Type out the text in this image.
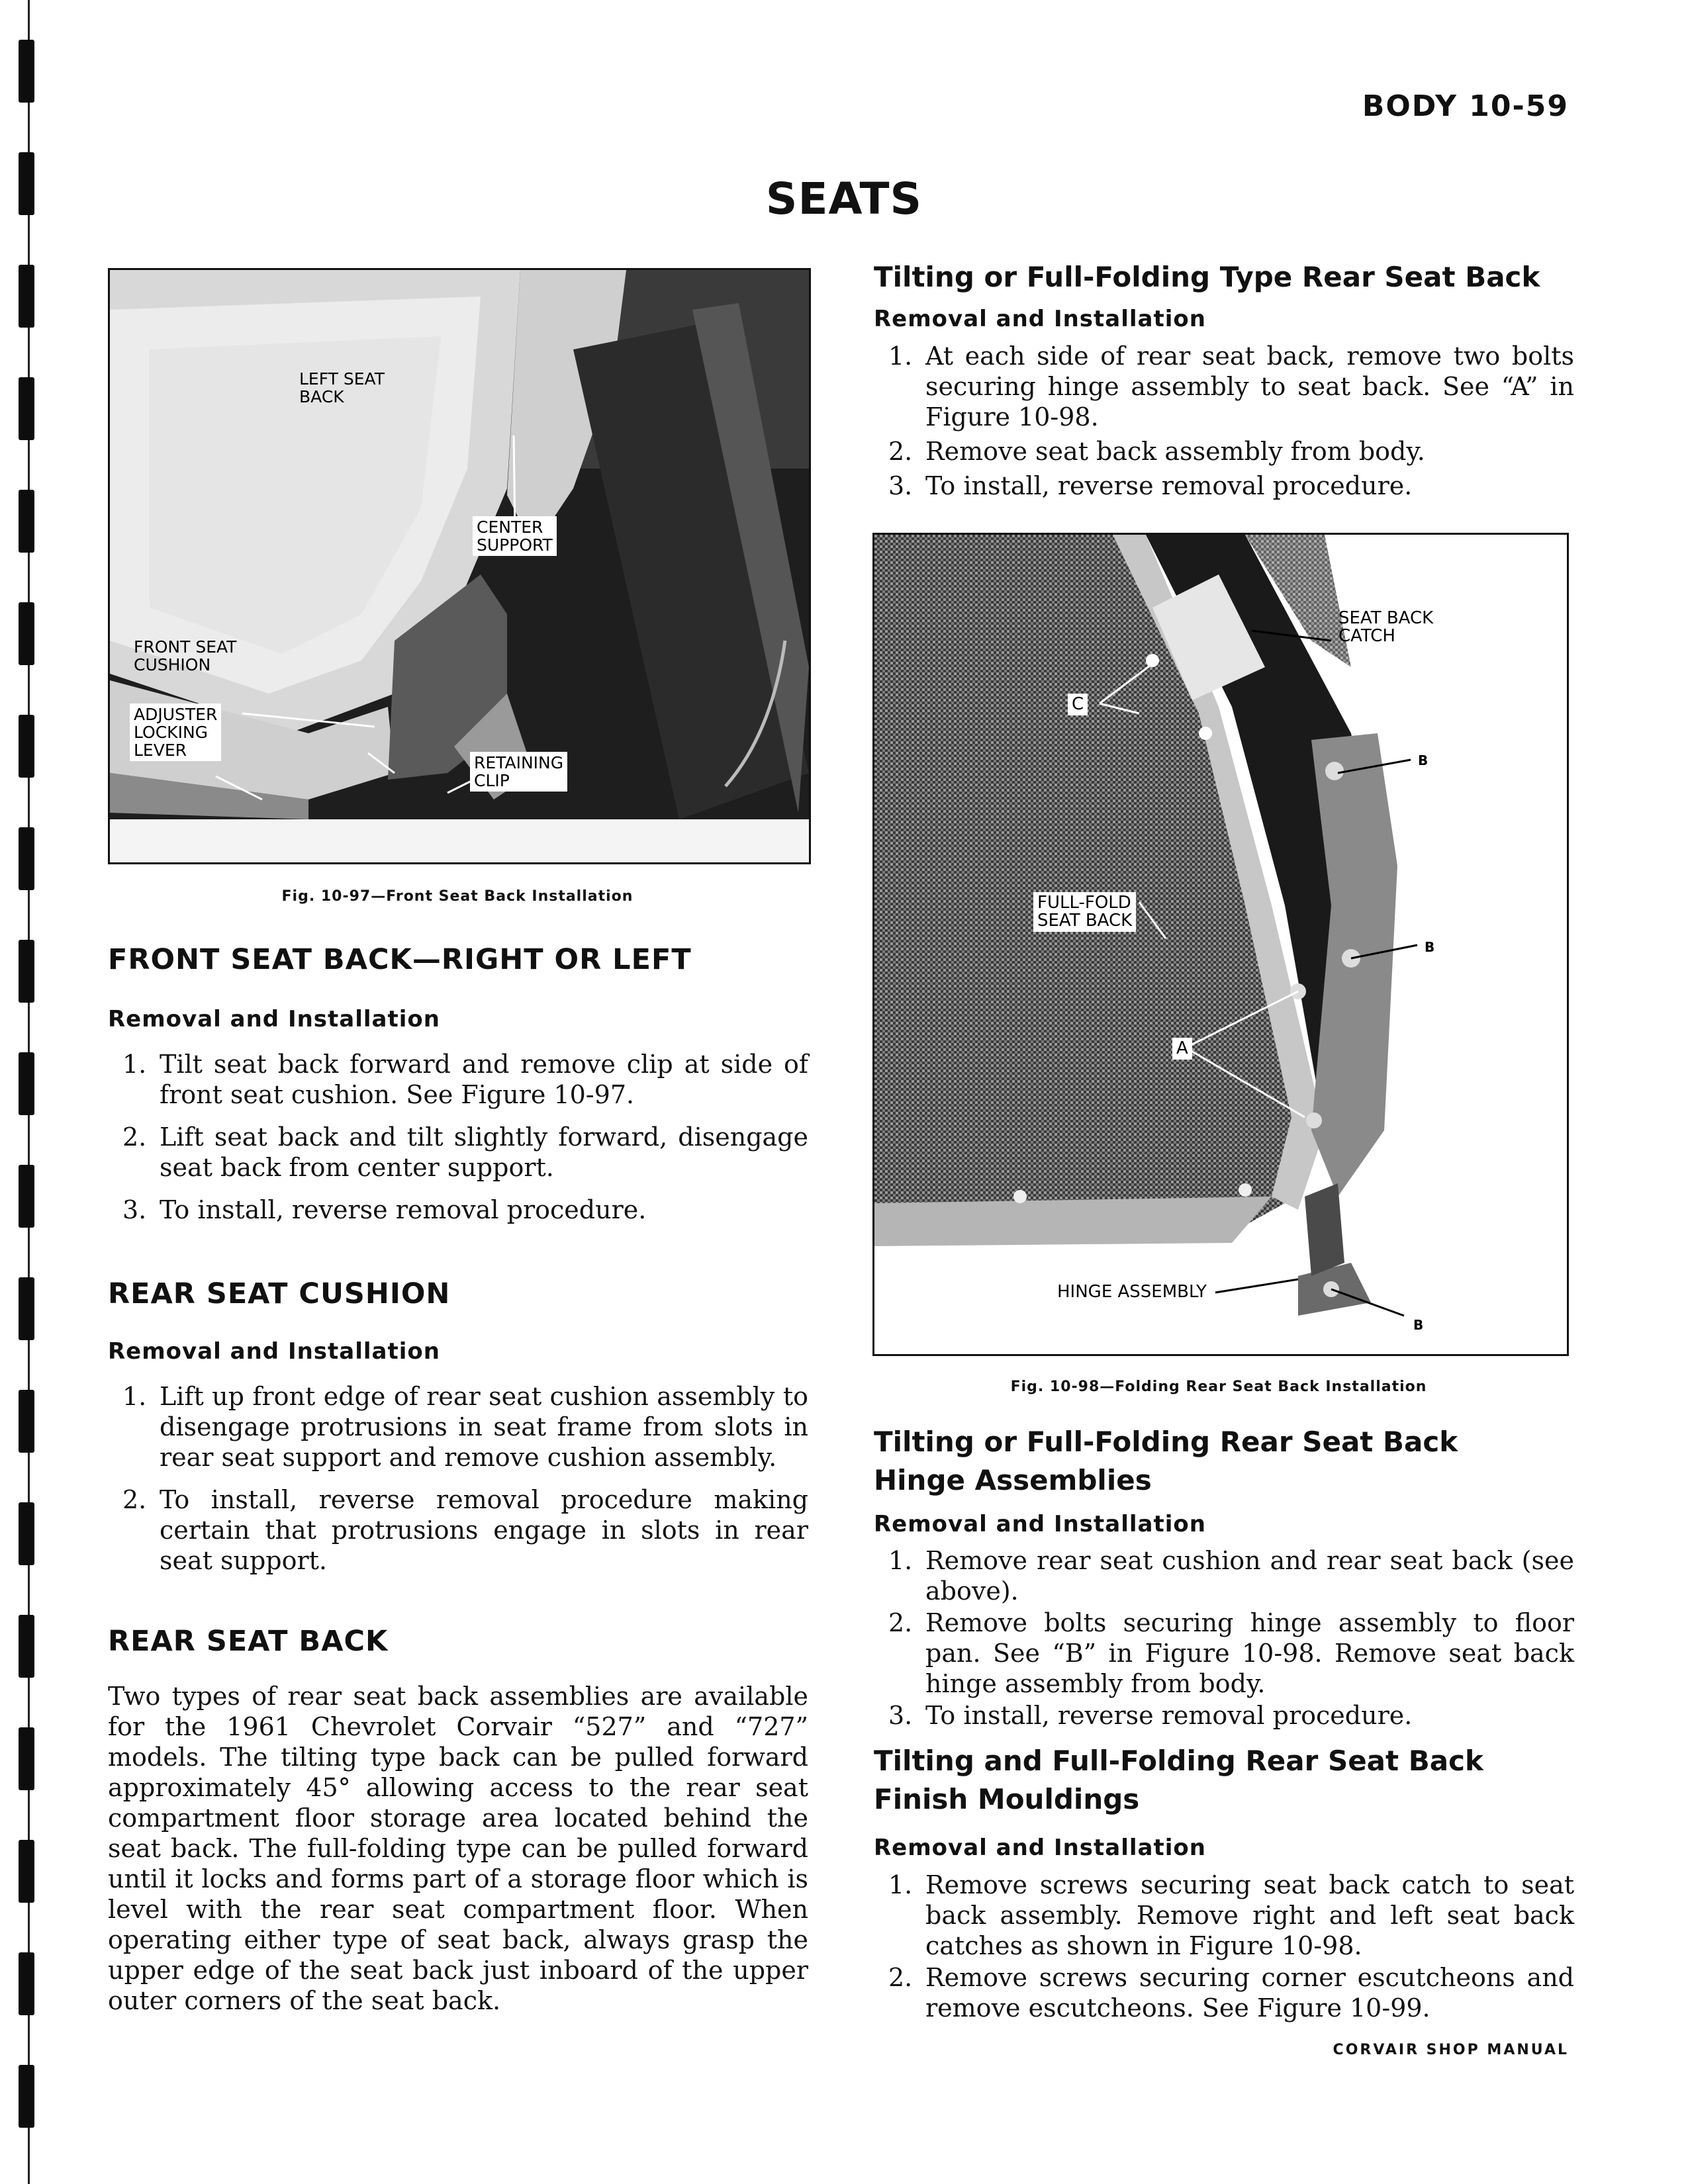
BODY 10-59
SEATS
LEFT SEAT
BACK
CENTER
SUPPORT
FRONT SEAT
CUSHION
ADJUSTER
LOCKING
LEVER
RETAINING
CLIP
Fig. 10-97—Front Seat Back Installation
FRONT SEAT BACK—RIGHT OR LEFT
Removal and Installation
1. Tilt seat back forward and remove clip at side of front seat cushion. See Figure 10-97.
2. Lift seat back and tilt slightly forward, disengage seat back from center support.
3. To install, reverse removal procedure.
REAR SEAT CUSHION
Removal and Installation
1. Lift up front edge of rear seat cushion assembly to disengage protrusions in seat frame from slots in rear seat support and remove cushion assembly.
2. To install, reverse removal procedure making certain that protrusions engage in slots in rear seat support.
REAR SEAT BACK
Two types of rear seat back assemblies are available for the 1961 Chevrolet Corvair “527” and “727” models. The tilting type back can be pulled forward approximately 45° allowing access to the rear seat compartment floor storage area located behind the seat back. The full-folding type can be pulled forward until it locks and forms part of a storage floor which is level with the rear seat compartment floor. When operating either type of seat back, always grasp the upper edge of the seat back just inboard of the upper outer corners of the seat back.
Tilting or Full-Folding Type Rear Seat Back
Removal and Installation
1. At each side of rear seat back, remove two bolts securing hinge assembly to seat back. See “A” in Figure 10-98.
2. Remove seat back assembly from body.
3. To install, reverse removal procedure.
SEAT BACK
CATCH
C
B
FULL-FOLD
SEAT BACK
B
A
HINGE ASSEMBLY
B
Fig. 10-98—Folding Rear Seat Back Installation
Tilting or Full-Folding Rear Seat Back
Hinge Assemblies
Removal and Installation
1. Remove rear seat cushion and rear seat back (see above).
2. Remove bolts securing hinge assembly to floor pan. See “B” in Figure 10-98. Remove seat back hinge assembly from body.
3. To install, reverse removal procedure.
Tilting and Full-Folding Rear Seat Back
Finish Mouldings
Removal and Installation
1. Remove screws securing seat back catch to seat back assembly. Remove right and left seat back catches as shown in Figure 10-98.
2. Remove screws securing corner escutcheons and remove escutcheons. See Figure 10-99.
CORVAIR SHOP MANUAL
